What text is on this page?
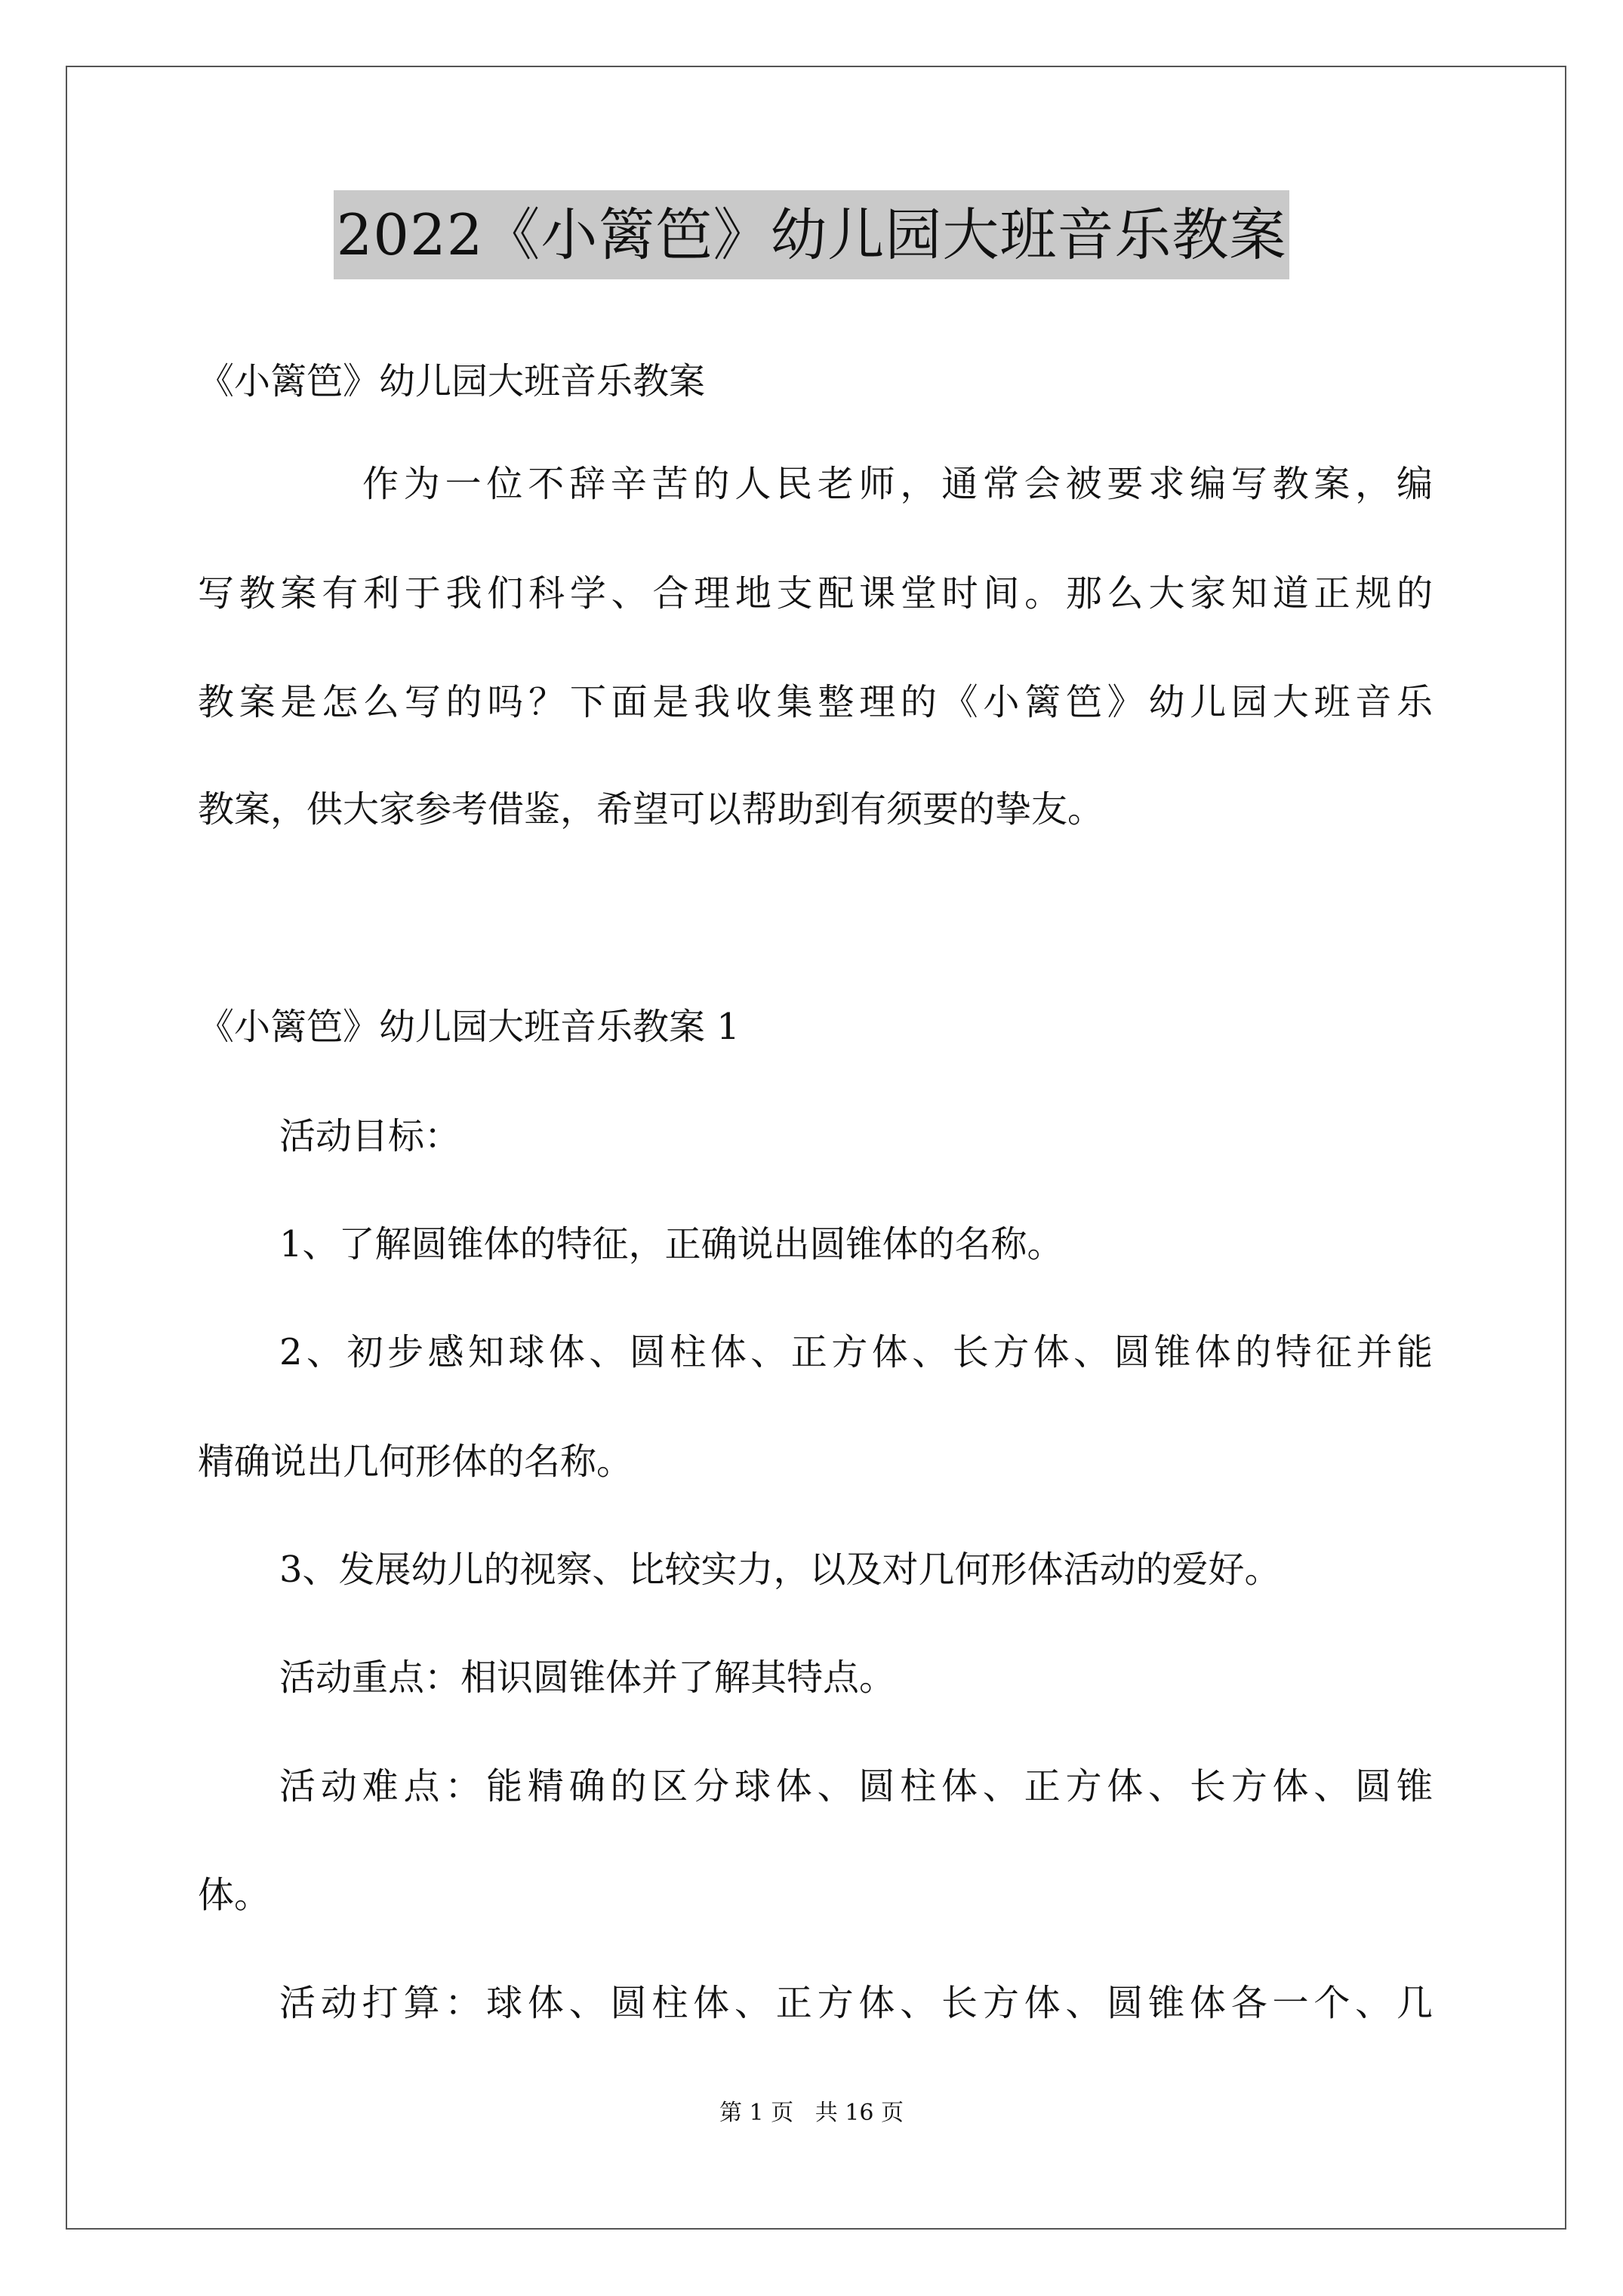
2022《小篱笆》幼儿园大班音乐教案
《小篱笆》幼儿园大班音乐教案
作为一位不辞辛苦的人民老师，通常会被要求编写教案，编
写教案有利于我们科学、合理地支配课堂时间。那么大家知道正规的
教案是怎么写的吗？下面是我收集整理的《小篱笆》幼儿园大班音乐
教案，供大家参考借鉴，希望可以帮助到有须要的挚友。
《小篱笆》幼儿园大班音乐教案 1
活动目标：
1、了解圆锥体的特征，正确说出圆锥体的名称。
2、初步感知球体、圆柱体、正方体、长方体、圆锥体的特征并能
精确说出几何形体的名称。
3、发展幼儿的视察、比较实力，以及对几何形体活动的爱好。
活动重点：相识圆锥体并了解其特点。
活动难点：能精确的区分球体、圆柱体、正方体、长方体、圆锥
体。
活动打算：球体、圆柱体、正方体、长方体、圆锥体各一个、几
第 1 页   共 16 页
